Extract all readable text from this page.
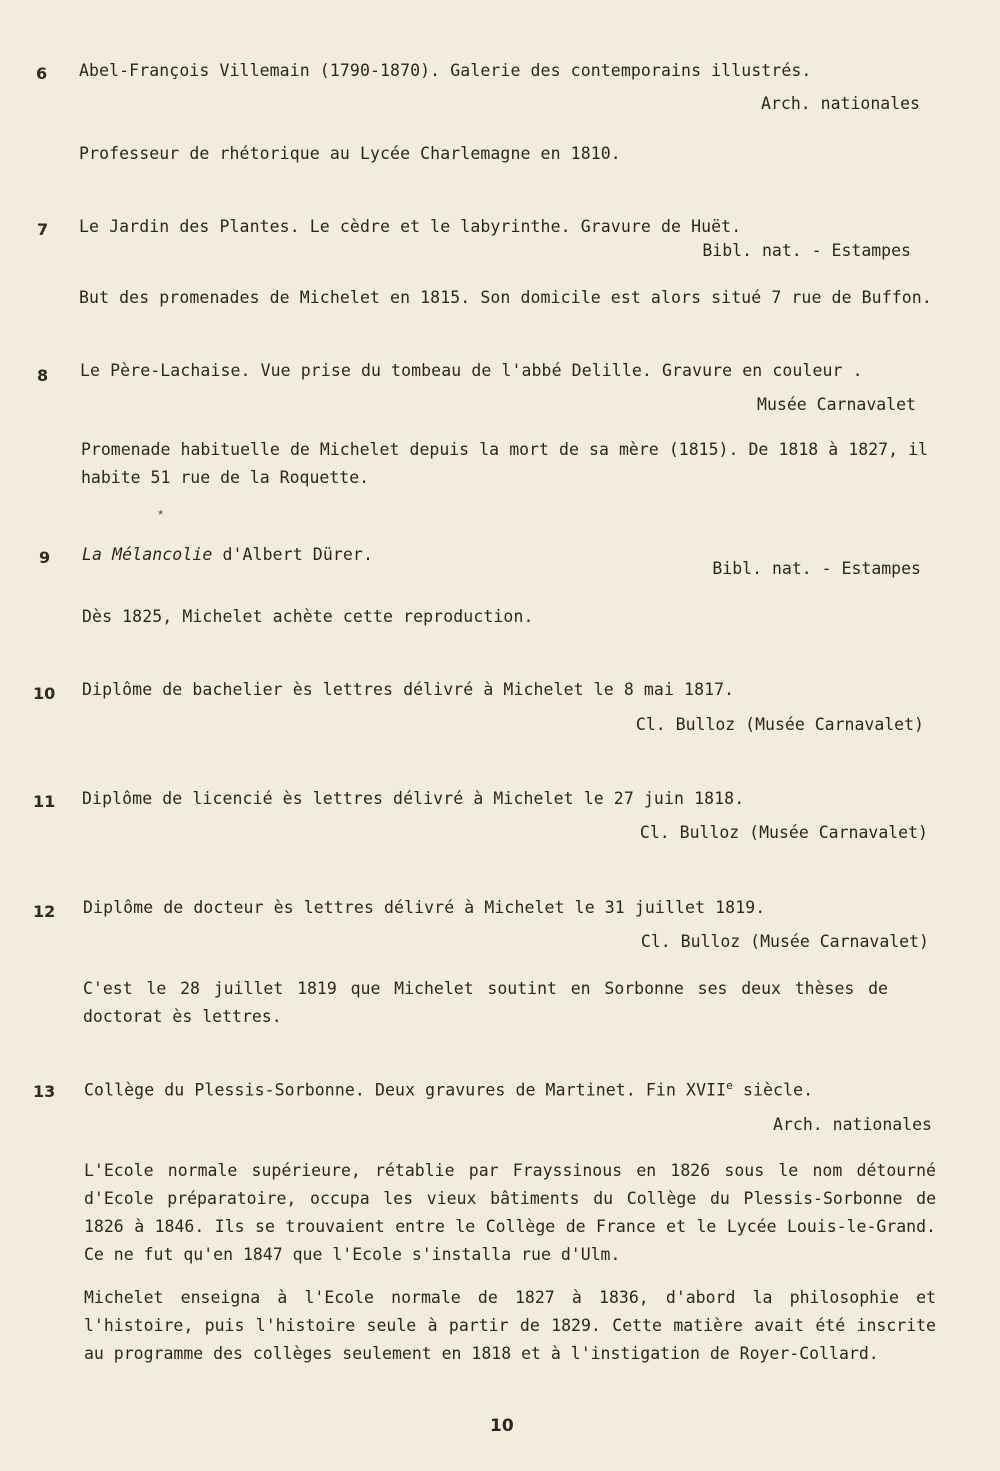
6 Abel-François Villemain (1790-1870). Galerie des contemporains illustrés.
Arch. nationales
Professeur de rhétorique au Lycée Charlemagne en 1810.
7 Le Jardin des Plantes. Le cèdre et le labyrinthe. Gravure de Huët.
Bibl. nat. - Estampes
But des promenades de Michelet en 1815. Son domicile est alors situé 7 rue de Buffon.
8 Le Père-Lachaise. Vue prise du tombeau de l'abbé Delille. Gravure en couleur .
Musée Carnavalet
Promenade habituelle de Michelet depuis la mort de sa mère (1815). De 1818 à 1827, il habite 51 rue de la Roquette.
٭
9 La Mélancolie d'Albert Dürer.
Bibl. nat. - Estampes
Dès 1825, Michelet achète cette reproduction.
10 Diplôme de bachelier ès lettres délivré à Michelet le 8 mai 1817.
Cl. Bulloz (Musée Carnavalet)
11 Diplôme de licencié ès lettres délivré à Michelet le 27 juin 1818.
Cl. Bulloz (Musée Carnavalet)
12 Diplôme de docteur ès lettres délivré à Michelet le 31 juillet 1819.
Cl. Bulloz (Musée Carnavalet)
C'est le 28 juillet 1819 que Michelet soutint en Sorbonne ses deux thèses de doctorat ès lettres.
13 Collège du Plessis-Sorbonne. Deux gravures de Martinet. Fin XVIIe siècle.
Arch. nationales
L'Ecole normale supérieure, rétablie par Frayssinous en 1826 sous le nom détourné d'Ecole préparatoire, occupa les vieux bâtiments du Collège du Plessis-Sorbonne de 1826 à 1846. Ils se trouvaient entre le Collège de France et le Lycée Louis-le-Grand. Ce ne fut qu'en 1847 que l'Ecole s'installa rue d'Ulm.
Michelet enseigna à l'Ecole normale de 1827 à 1836, d'abord la philosophie et l'histoire, puis l'histoire seule à partir de 1829. Cette matière avait été inscrite au programme des collèges seulement en 1818 et à l'instigation de Royer-Collard.
10
